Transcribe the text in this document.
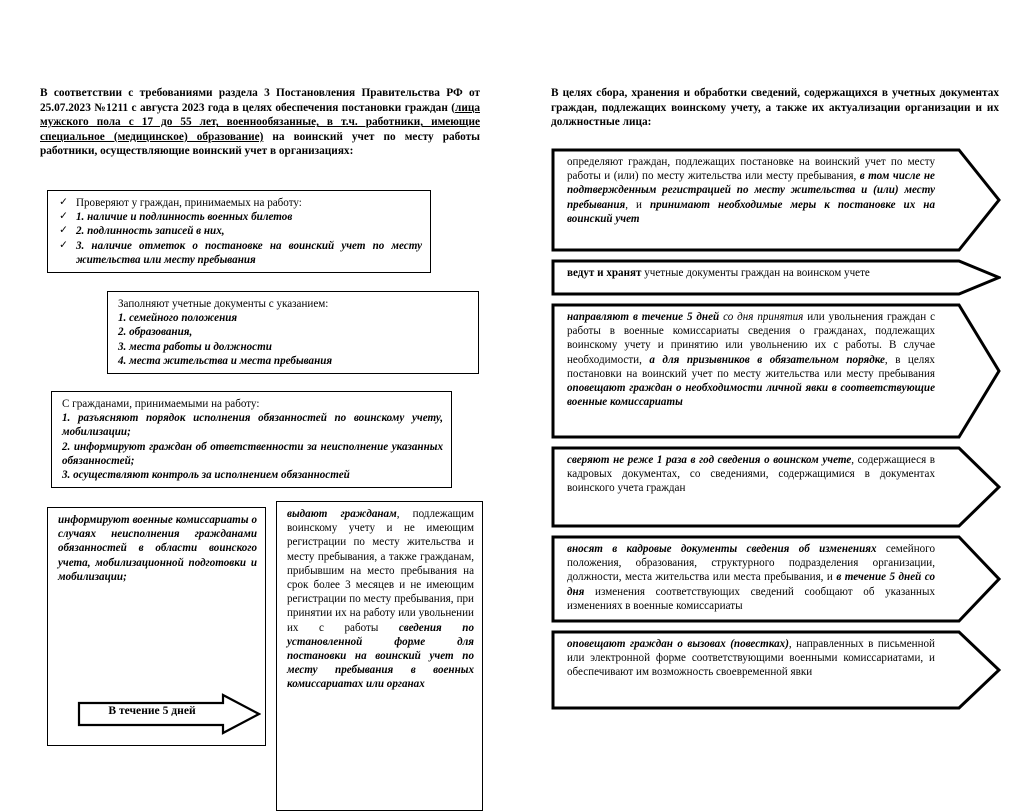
В соответствии с требованиями раздела 3 Постановления Правительства РФ от 25.07.2023 №1211 с августа 2023 года в целях обеспечения постановки граждан (лица мужского пола с 17 до 55 лет, военнообязанные, в т.ч. работники, имеющие специальное (медицинское) образование) на воинский учет по месту работы работники, осуществляющие воинский учет в организациях:

✓ Проверяют у граждан, принимаемых на работу:
✓ 1. наличие и подлинность военных билетов
✓ 2. подлинность записей в них,
✓ 3. наличие отметок о постановке на воинский учет по месту жительства или месту пребывания

Заполняют учетные документы с указанием:

1. семейного положения

2. образования,

3. места работы и должности

4. места жительства и места пребывания

С гражданами, принимаемыми на работу:

1. разъясняют порядок исполнения обязанностей по воинскому учету, мобилизации;

2. информируют граждан об ответственности за неисполнение указанных обязанностей;

3. осуществляют контроль за исполнением обязанностей

информируют военные комиссариаты о случаях неисполнения гражданами обязанностей в области воинского учета, мобилизационной подготовки и мобилизации;

выдают гражданам, подлежащим воинскому учету и не имеющим регистрации по месту жительства и месту пребывания, а также гражданам, прибывшим на место пребывания на срок более 3 месяцев и не имеющим регистрации по месту пребывания, при принятии их на работу или увольнении их с работы сведения по установленной форме для постановки на воинский учет по месту пребывания в военных комиссариатах или органах

В течение 5 дней

В целях сбора, хранения и обработки сведений, содержащихся в учетных документах граждан, подлежащих воинскому учету, а также их актуализации организации и их должностные лица:

определяют граждан, подлежащих постановке на воинский учет по месту работы и (или) по месту жительства или месту пребывания, в том числе не подтвержденным регистрацией по месту жительства и (или) месту пребывания, и принимают необходимые меры к постановке их на воинский учет
ведут и хранят учетные документы граждан на воинском учете
направляют в течение 5 дней со дня принятия или увольнения граждан с работы в военные комиссариаты сведения о гражданах, подлежащих воинскому учету и принятию или увольнению их с работы. В случае необходимости, а для призывников в обязательном порядке, в целях постановки на воинский учет по месту жительства или месту пребывания оповещают граждан о необходимости личной явки в соответствующие военные комиссариаты
сверяют не реже 1 раза в год сведения о воинском учете, содержащиеся в кадровых документах, со сведениями, содержащимися в документах воинского учета граждан
вносят в кадровые документы сведения об изменениях семейного положения, образования, структурного подразделения организации, должности, места жительства или места пребывания, и в течение 5 дней со дня изменения соответствующих сведений сообщают об указанных изменениях в военные комиссариаты
оповещают граждан о вызовах (повестках), направленных в письменной или электронной форме соответствующими военными комиссариатами, и обеспечивают им возможность своевременной явки
